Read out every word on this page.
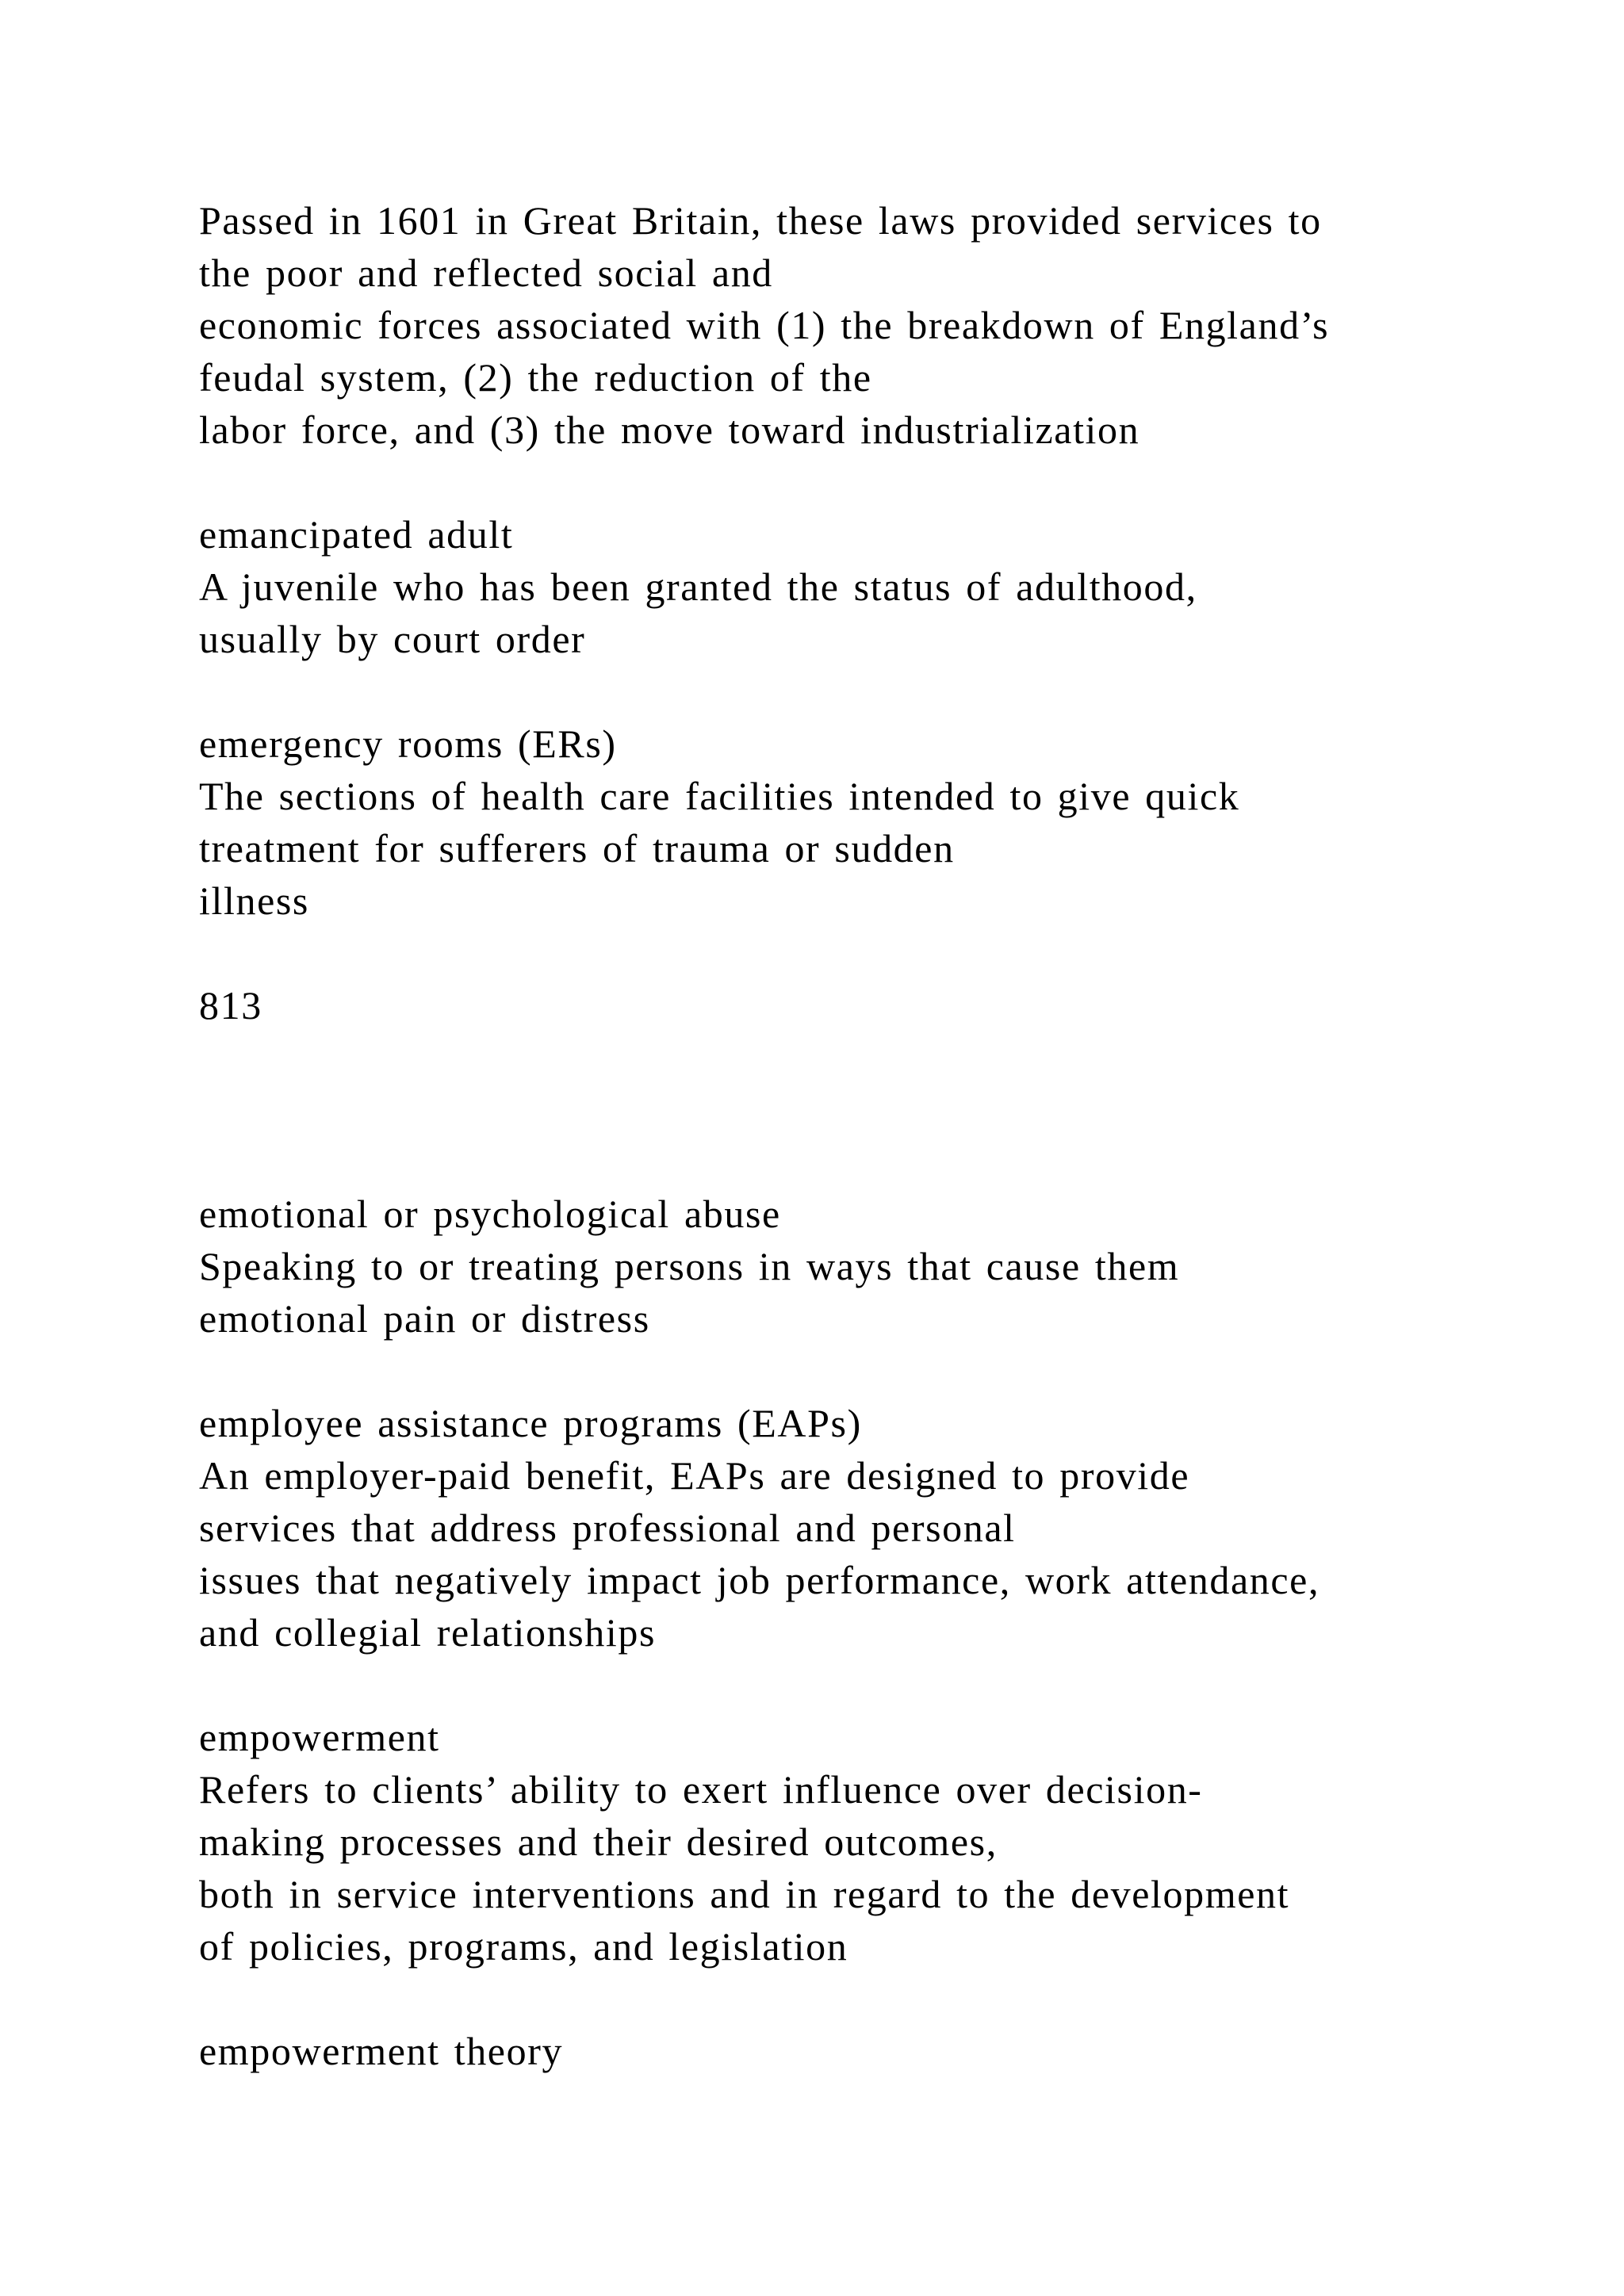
Passed in 1601 in Great Britain, these laws provided services to

the poor and reflected social and

economic forces associated with (1) the breakdown of England’s

feudal system, (2) the reduction of the

labor force, and (3) the move toward industrialization

emancipated adult

A juvenile who has been granted the status of adulthood,

usually by court order

emergency rooms (ERs)

The sections of health care facilities intended to give quick

treatment for sufferers of trauma or sudden

illness

813

emotional or psychological abuse

Speaking to or treating persons in ways that cause them

emotional pain or distress

employee assistance programs (EAPs)

An employer-paid benefit, EAPs are designed to provide

services that address professional and personal

issues that negatively impact job performance, work attendance,

and collegial relationships

empowerment

Refers to clients’ ability to exert influence over decision-

making processes and their desired outcomes,

both in service interventions and in regard to the development

of policies, programs, and legislation

empowerment theory
